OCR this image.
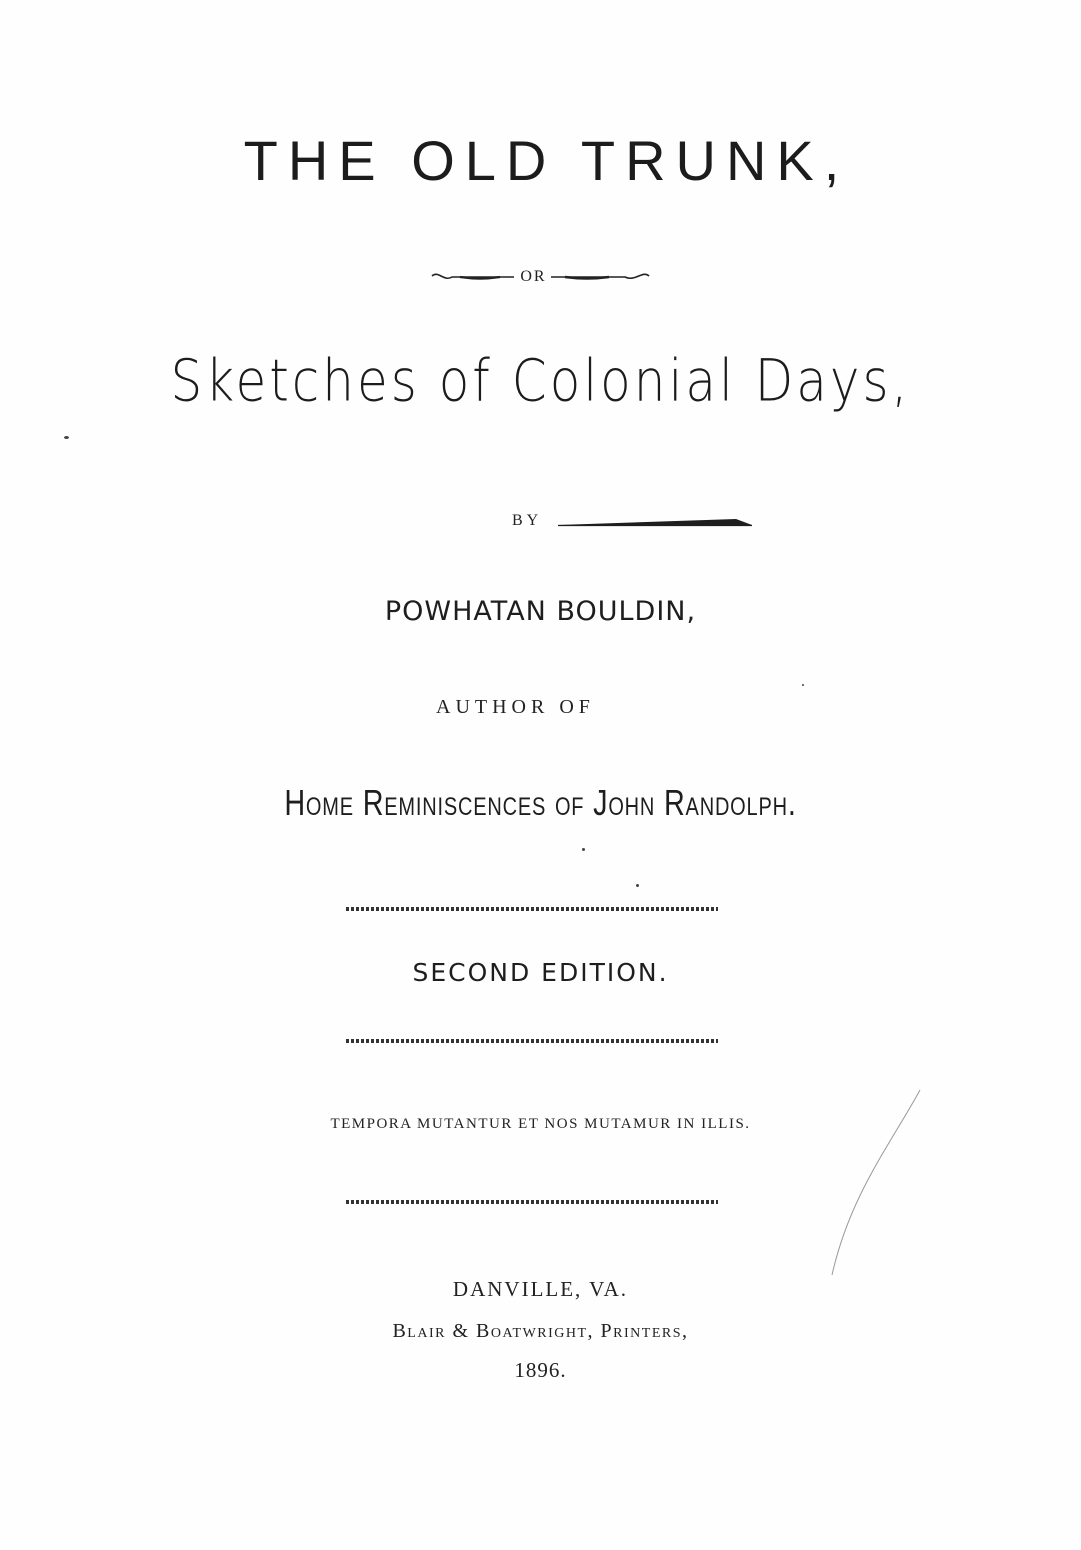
THE OLD TRUNK,
OR
Sketches of Colonial Days,
BY
POWHATAN BOULDIN,
AUTHOR OF
Home Reminiscences of John Randolph.
SECOND EDITION.
TEMPORA MUTANTUR ET NOS MUTAMUR IN ILLIS.
DANVILLE, VA.
Blair & Boatwright, Printers,
1896.
